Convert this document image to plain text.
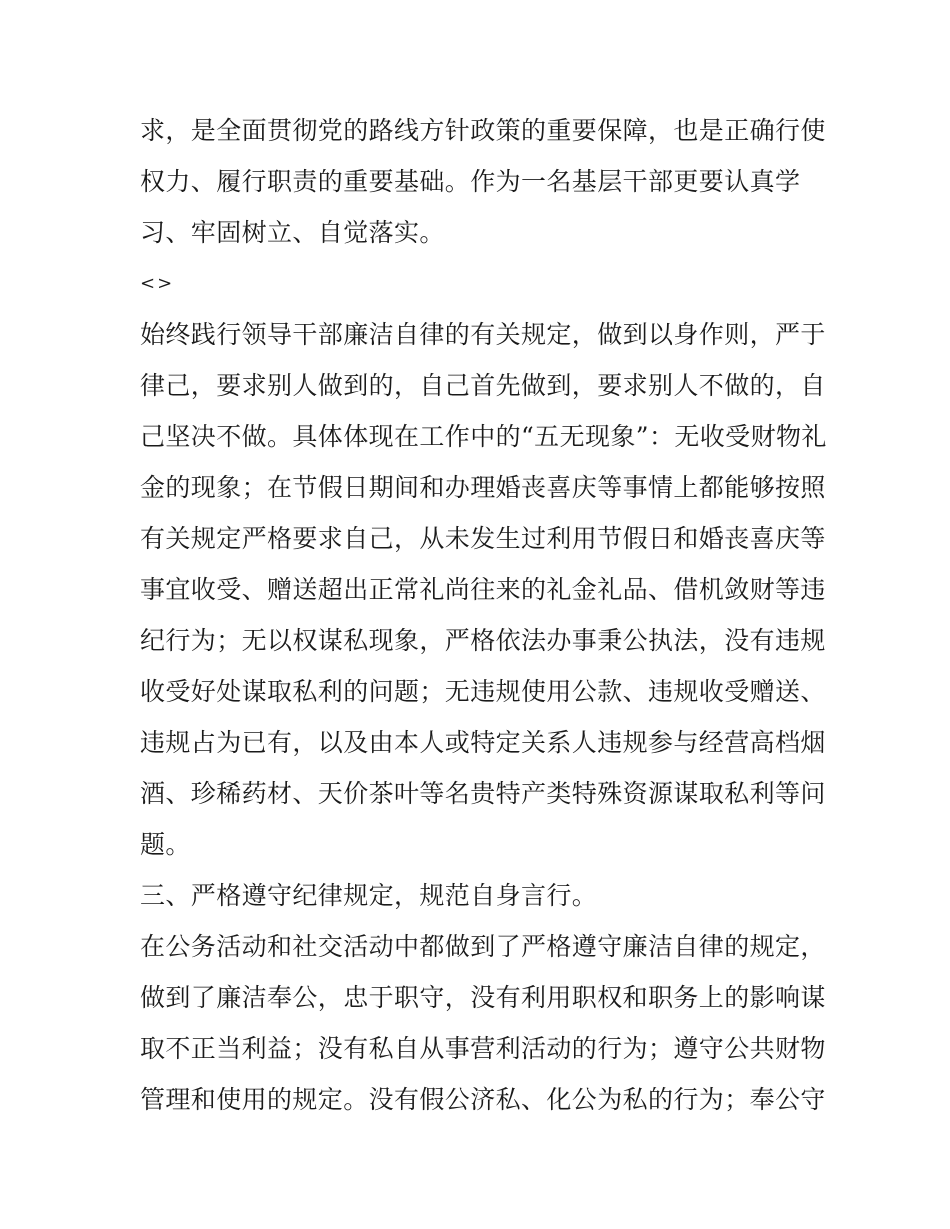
求，是全面贯彻党的路线方针政策的重要保障，也是正确行使
权力、履行职责的重要基础。作为一名基层干部更要认真学
习、牢固树立、自觉落实。
<>
始终践行领导干部廉洁自律的有关规定，做到以身作则，严于
律己，要求别人做到的，自己首先做到，要求别人不做的，自
己坚决不做。具体体现在工作中的“五无现象”：无收受财物礼
金的现象；在节假日期间和办理婚丧喜庆等事情上都能够按照
有关规定严格要求自己，从未发生过利用节假日和婚丧喜庆等
事宜收受、赠送超出正常礼尚往来的礼金礼品、借机敛财等违
纪行为；无以权谋私现象，严格依法办事秉公执法，没有违规
收受好处谋取私利的问题；无违规使用公款、违规收受赠送、
违规占为已有，以及由本人或特定关系人违规参与经营高档烟
酒、珍稀药材、天价茶叶等名贵特产类特殊资源谋取私利等问
题。
三、严格遵守纪律规定，规范自身言行。
在公务活动和社交活动中都做到了严格遵守廉洁自律的规定，
做到了廉洁奉公，忠于职守，没有利用职权和职务上的影响谋
取不正当利益；没有私自从事营利活动的行为；遵守公共财物
管理和使用的规定。没有假公济私、化公为私的行为；奉公守
